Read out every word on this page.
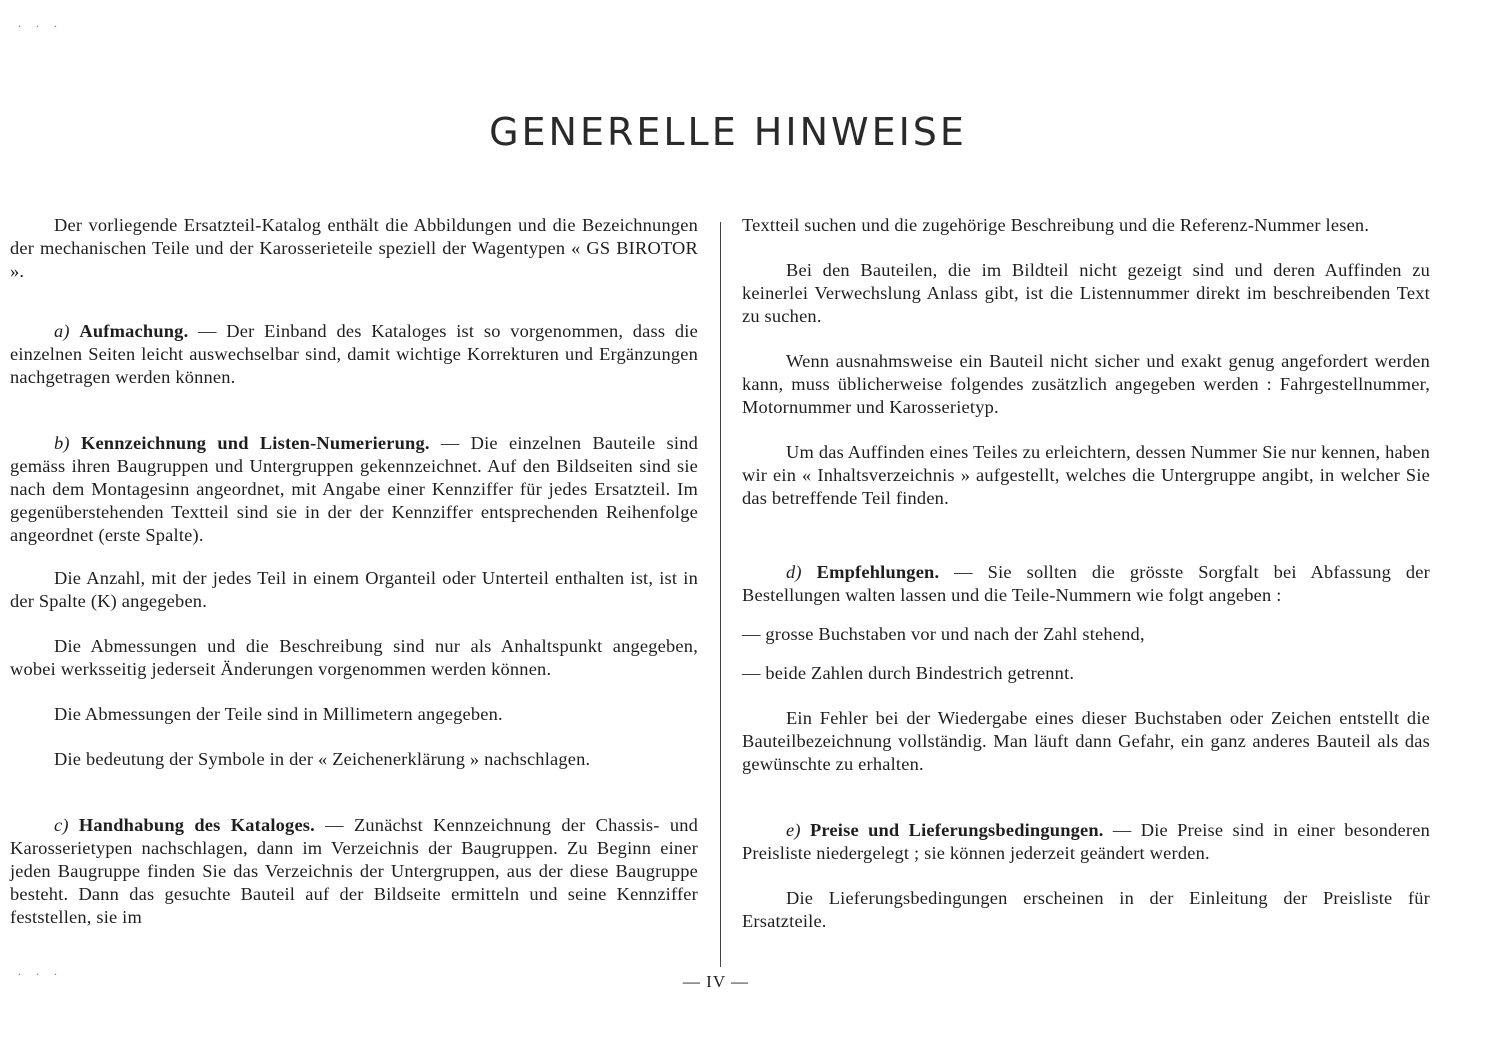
. . .
GENERELLE HINWEISE

Der vorliegende Ersatzteil-Katalog enthält die Abbildungen und die Bezeichnungen der mechanischen Teile und der Karosserieteile speziell der Wagentypen « GS BIROTOR ».

a) Aufmachung. — Der Einband des Kataloges ist so vorgenommen, dass die einzelnen Seiten leicht auswechselbar sind, damit wichtige Korrekturen und Ergänzungen nachgetragen werden können.

b) Kennzeichnung und Listen-Numerierung. — Die einzelnen Bauteile sind gemäss ihren Baugruppen und Untergruppen gekennzeichnet. Auf den Bildseiten sind sie nach dem Montagesinn angeordnet, mit Angabe einer Kennziffer für jedes Ersatzteil. Im gegenüberstehenden Textteil sind sie in der der Kennziffer entsprechenden Reihenfolge angeordnet (erste Spalte).

Die Anzahl, mit der jedes Teil in einem Organteil oder Unterteil enthalten ist, ist in der Spalte (K) angegeben.

Die Abmessungen und die Beschreibung sind nur als Anhaltspunkt angegeben, wobei werksseitig jederseit Änderungen vorgenommen werden können.

Die Abmessungen der Teile sind in Millimetern angegeben.

Die bedeutung der Symbole in der « Zeichenerklärung » nachschlagen.

c) Handhabung des Kataloges. — Zunächst Kennzeichnung der Chassis- und Karosserietypen nachschlagen, dann im Verzeichnis der Baugruppen. Zu Beginn einer jeden Baugruppe finden Sie das Verzeichnis der Untergruppen, aus der diese Baugruppe besteht. Dann das gesuchte Bauteil auf der Bildseite ermitteln und seine Kennziffer feststellen, sie im

Textteil suchen und die zugehörige Beschreibung und die Referenz-Nummer lesen.

Bei den Bauteilen, die im Bildteil nicht gezeigt sind und deren Auffinden zu keinerlei Verwechslung Anlass gibt, ist die Listennummer direkt im beschreibenden Text zu suchen.

Wenn ausnahmsweise ein Bauteil nicht sicher und exakt genug angefordert werden kann, muss üblicherweise folgendes zusätzlich angegeben werden : Fahrgestellnummer, Motornummer und Karosserietyp.

Um das Auffinden eines Teiles zu erleichtern, dessen Nummer Sie nur kennen, haben wir ein « Inhaltsverzeichnis » aufgestellt, welches die Untergruppe angibt, in welcher Sie das betreffende Teil finden.

d) Empfehlungen. — Sie sollten die grösste Sorgfalt bei Abfassung der Bestellungen walten lassen und die Teile-Nummern wie folgt angeben :

— grosse Buchstaben vor und nach der Zahl stehend,

— beide Zahlen durch Bindestrich getrennt.

Ein Fehler bei der Wiedergabe eines dieser Buchstaben oder Zeichen entstellt die Bauteilbezeichnung vollständig. Man läuft dann Gefahr, ein ganz anderes Bauteil als das gewünschte zu erhalten.

e) Preise und Lieferungsbedingungen. — Die Preise sind in einer besonderen Preisliste niedergelegt ; sie können jederzeit geändert werden.

Die Lieferungsbedingungen erscheinen in der Einleitung der Preisliste für Ersatzteile.

. . .
— IV —
